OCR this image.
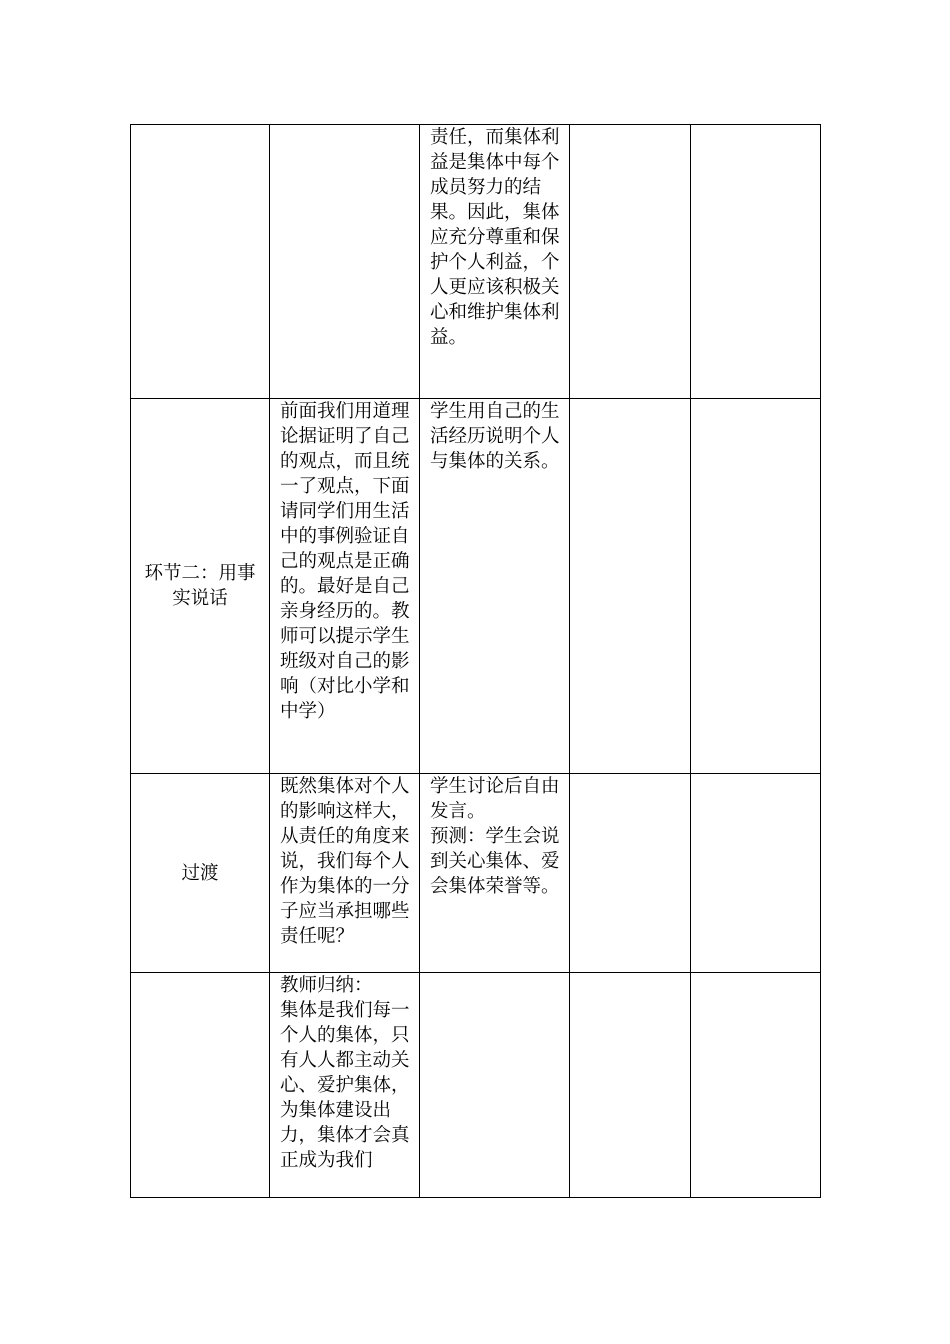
		责任，而集体利益是集体中每个成员努力的结果。因此，集体应充分尊重和保护个人利益，个人更应该积极关心和维护集体利益。		

环节二：用事实说话	前面我们用道理论据证明了自己的观点，而且统一了观点，下面请同学们用生活中的事例验证自己的观点是正确的。最好是自己亲身经历的。教师可以提示学生班级对自己的影响（对比小学和中学）	学生用自己的生活经历说明个人与集体的关系。		

过渡	既然集体对个人的影响这样大，从责任的角度来说，我们每个人作为集体的一分子应当承担哪些责任呢？	学生讨论后自由发言。
预测：学生会说到关心集体、爱会集体荣誉等。		

	教师归纳：
集体是我们每一个人的集体，只有人人都主动关心、爱护集体，为集体建设出力，集体才会真正成为我们			
